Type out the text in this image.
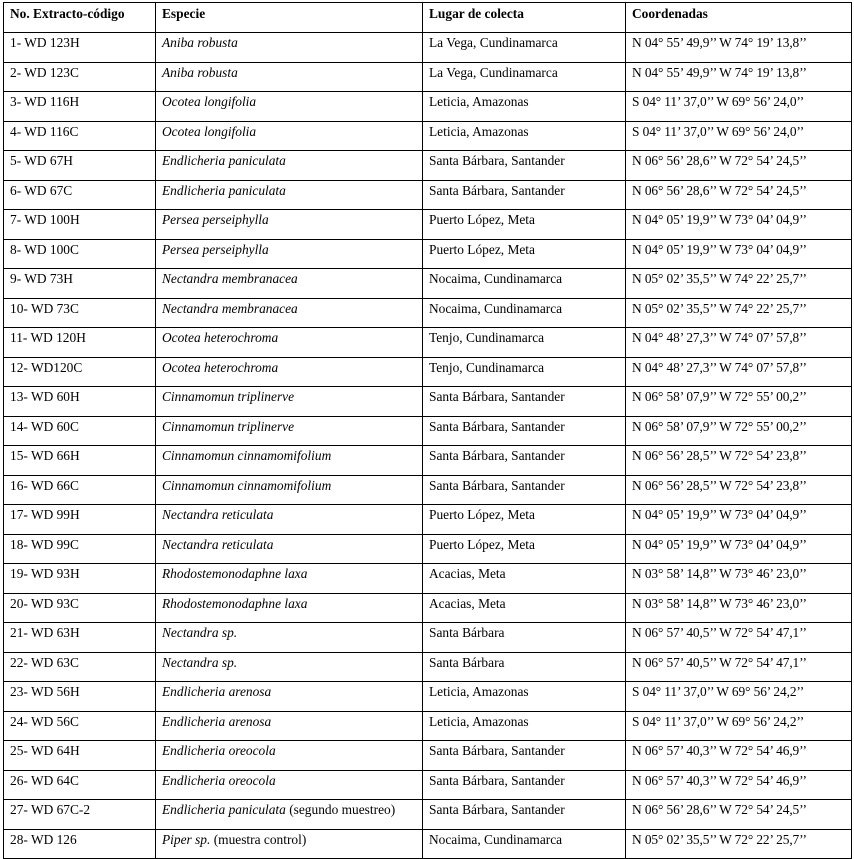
No. Extracto-código	Especie	Lugar de colecta	Coordenadas
1- WD 123H	Aniba robusta	La Vega, Cundinamarca	N 04° 55’ 49,9’’ W 74° 19’ 13,8’’
2- WD 123C	Aniba robusta	La Vega, Cundinamarca	N 04° 55’ 49,9’’ W 74° 19’ 13,8’’
3- WD 116H	Ocotea longifolia	Leticia, Amazonas	S 04° 11’ 37,0’’ W 69° 56’ 24,0’’
4- WD 116C	Ocotea longifolia	Leticia, Amazonas	S 04° 11’ 37,0’’ W 69° 56’ 24,0’’
5- WD 67H	Endlicheria paniculata	Santa Bárbara, Santander	N 06° 56’ 28,6’’ W 72° 54’ 24,5’’
6- WD 67C	Endlicheria paniculata	Santa Bárbara, Santander	N 06° 56’ 28,6’’ W 72° 54’ 24,5’’
7- WD 100H	Persea perseiphylla	Puerto López, Meta	N 04° 05’ 19,9’’ W 73° 04’ 04,9’’
8- WD 100C	Persea perseiphylla	Puerto López, Meta	N 04° 05’ 19,9’’ W 73° 04’ 04,9’’
9- WD 73H	Nectandra membranacea	Nocaima, Cundinamarca	N 05° 02’ 35,5’’ W 74° 22’ 25,7’’
10- WD 73C	Nectandra membranacea	Nocaima, Cundinamarca	N 05° 02’ 35,5’’ W 74° 22’ 25,7’’
11- WD 120H	Ocotea heterochroma	Tenjo, Cundinamarca	N 04° 48’ 27,3’’ W 74° 07’ 57,8’’
12- WD120C	Ocotea heterochroma	Tenjo, Cundinamarca	N 04° 48’ 27,3’’ W 74° 07’ 57,8’’
13- WD 60H	Cinnamomun triplinerve	Santa Bárbara, Santander	N 06° 58’ 07,9’’ W 72° 55’ 00,2’’
14- WD 60C	Cinnamomun triplinerve	Santa Bárbara, Santander	N 06° 58’ 07,9’’ W 72° 55’ 00,2’’
15- WD 66H	Cinnamomun cinnamomifolium	Santa Bárbara, Santander	N 06° 56’ 28,5’’ W 72° 54’ 23,8’’
16- WD 66C	Cinnamomun cinnamomifolium	Santa Bárbara, Santander	N 06° 56’ 28,5’’ W 72° 54’ 23,8’’
17- WD 99H	Nectandra reticulata	Puerto López, Meta	N 04° 05’ 19,9’’ W 73° 04’ 04,9’’
18- WD 99C	Nectandra reticulata	Puerto López, Meta	N 04° 05’ 19,9’’ W 73° 04’ 04,9’’
19- WD 93H	Rhodostemonodaphne laxa	Acacias, Meta	N 03° 58’ 14,8’’ W 73° 46’ 23,0’’
20- WD 93C	Rhodostemonodaphne laxa	Acacias, Meta	N 03° 58’ 14,8’’ W 73° 46’ 23,0’’
21- WD 63H	Nectandra sp.	Santa Bárbara	N 06° 57’ 40,5’’ W 72° 54’ 47,1’’
22- WD 63C	Nectandra sp.	Santa Bárbara	N 06° 57’ 40,5’’ W 72° 54’ 47,1’’
23- WD 56H	Endlicheria arenosa	Leticia, Amazonas	S 04° 11’ 37,0’’ W 69° 56’ 24,2’’
24- WD 56C	Endlicheria arenosa	Leticia, Amazonas	S 04° 11’ 37,0’’ W 69° 56’ 24,2’’
25- WD 64H	Endlicheria oreocola	Santa Bárbara, Santander	N 06° 57’ 40,3’’ W 72° 54’ 46,9’’
26- WD 64C	Endlicheria oreocola	Santa Bárbara, Santander	N 06° 57’ 40,3’’ W 72° 54’ 46,9’’
27- WD 67C-2	Endlicheria paniculata (segundo muestreo)	Santa Bárbara, Santander	N 06° 56’ 28,6’’ W 72° 54’ 24,5’’
28- WD 126	Piper sp. (muestra control)	Nocaima, Cundinamarca	N 05° 02’ 35,5’’ W 72° 22’ 25,7’’
